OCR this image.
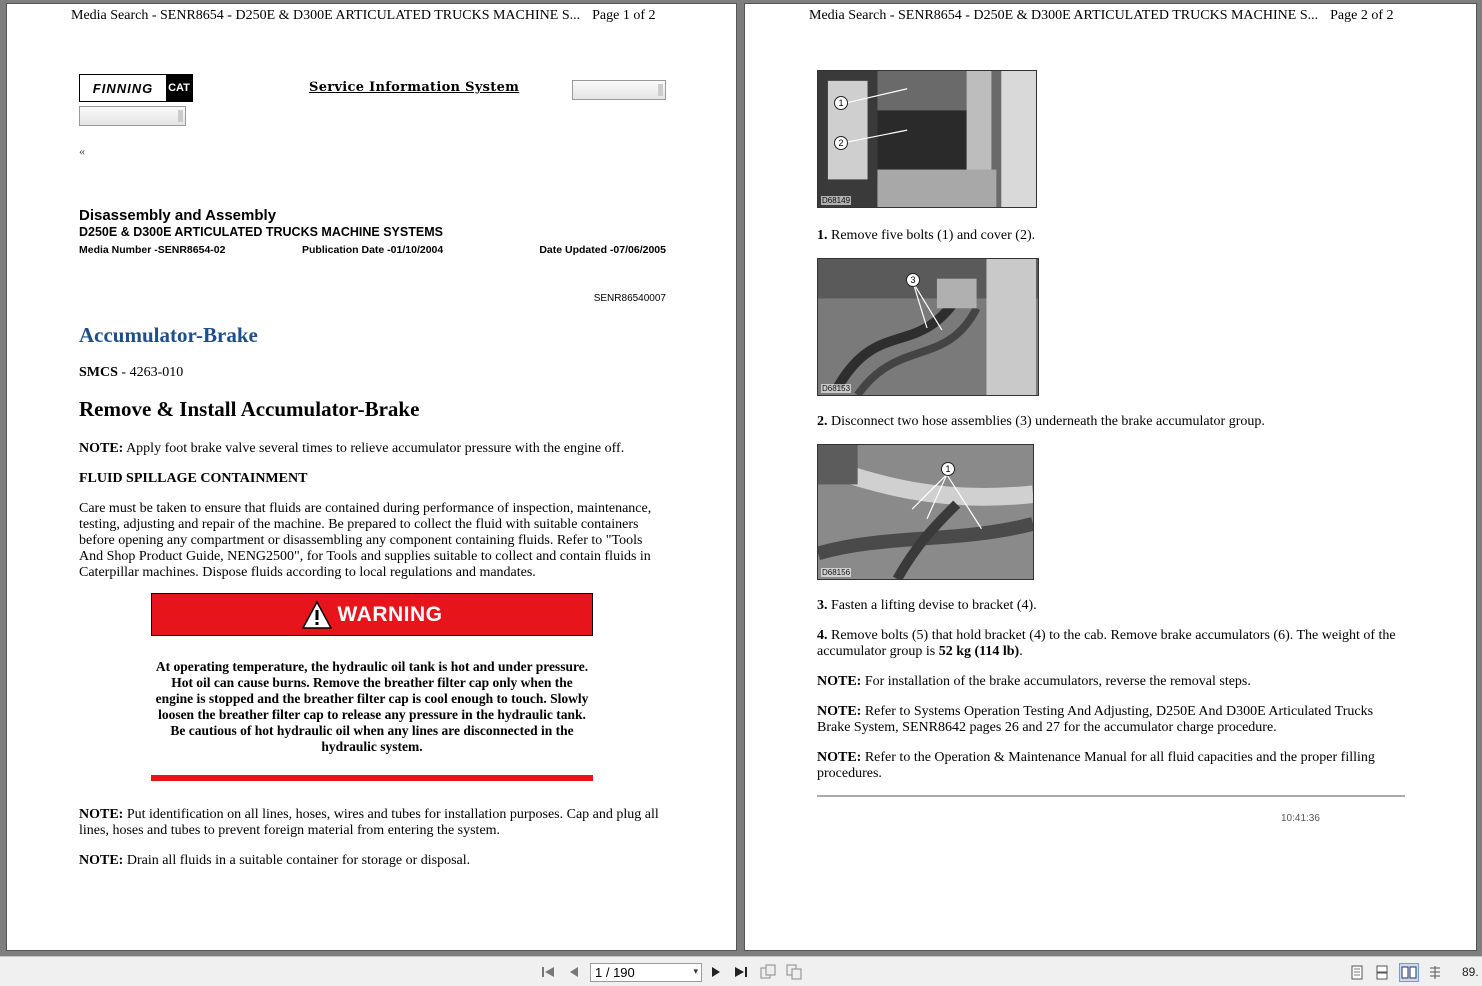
Media Search - SENR8654 - D250E & D300E ARTICULATED TRUCKS MACHINE S... Page 1 of 2
FINNING	CAT	Service Information System
«
Disassembly and Assembly
D250E & D300E ARTICULATED TRUCKS MACHINE SYSTEMS
Media Number -SENR8654-02	Publication Date -01/10/2004	Date Updated -07/06/2005
SENR86540007
Accumulator-Brake
SMCS - 4263-010
Remove & Install Accumulator-Brake
NOTE: Apply foot brake valve several times to relieve accumulator pressure with the engine off.
FLUID SPILLAGE CONTAINMENT
Care must be taken to ensure that fluids are contained during performance of inspection, maintenance, testing, adjusting and repair of the machine. Be prepared to collect the fluid with suitable containers before opening any compartment or disassembling any component containing fluids. Refer to "Tools And Shop Product Guide, NENG2500", for Tools and supplies suitable to collect and contain fluids in Caterpillar machines. Dispose fluids according to local regulations and mandates.
WARNING
At operating temperature, the hydraulic oil tank is hot and under pressure. Hot oil can cause burns. Remove the breather filter cap only when the engine is stopped and the breather filter cap is cool enough to touch. Slowly loosen the breather filter cap to release any pressure in the hydraulic tank. Be cautious of hot hydraulic oil when any lines are disconnected in the hydraulic system.
NOTE: Put identification on all lines, hoses, wires and tubes for installation purposes. Cap and plug all lines, hoses and tubes to prevent foreign material from entering the system.
NOTE: Drain all fluids in a suitable container for storage or disposal.
Media Search - SENR8654 - D250E & D300E ARTICULATED TRUCKS MACHINE S... Page 2 of 2
1
2
D68149
1. Remove five bolts (1) and cover (2).
3
D68153
2. Disconnect two hose assemblies (3) underneath the brake accumulator group.
1
D68156
3. Fasten a lifting devise to bracket (4).
4. Remove bolts (5) that hold bracket (4) to the cab. Remove brake accumulators (6). The weight of the accumulator group is 52 kg (114 lb).
NOTE: For installation of the brake accumulators, reverse the removal steps.
NOTE: Refer to Systems Operation Testing And Adjusting, D250E And D300E Articulated Trucks Brake System, SENR8642 pages 26 and 27 for the accumulator charge procedure.
NOTE: Refer to the Operation & Maintenance Manual for all fluid capacities and the proper filling procedures.
10:41:36
1 / 190	▾	89.
